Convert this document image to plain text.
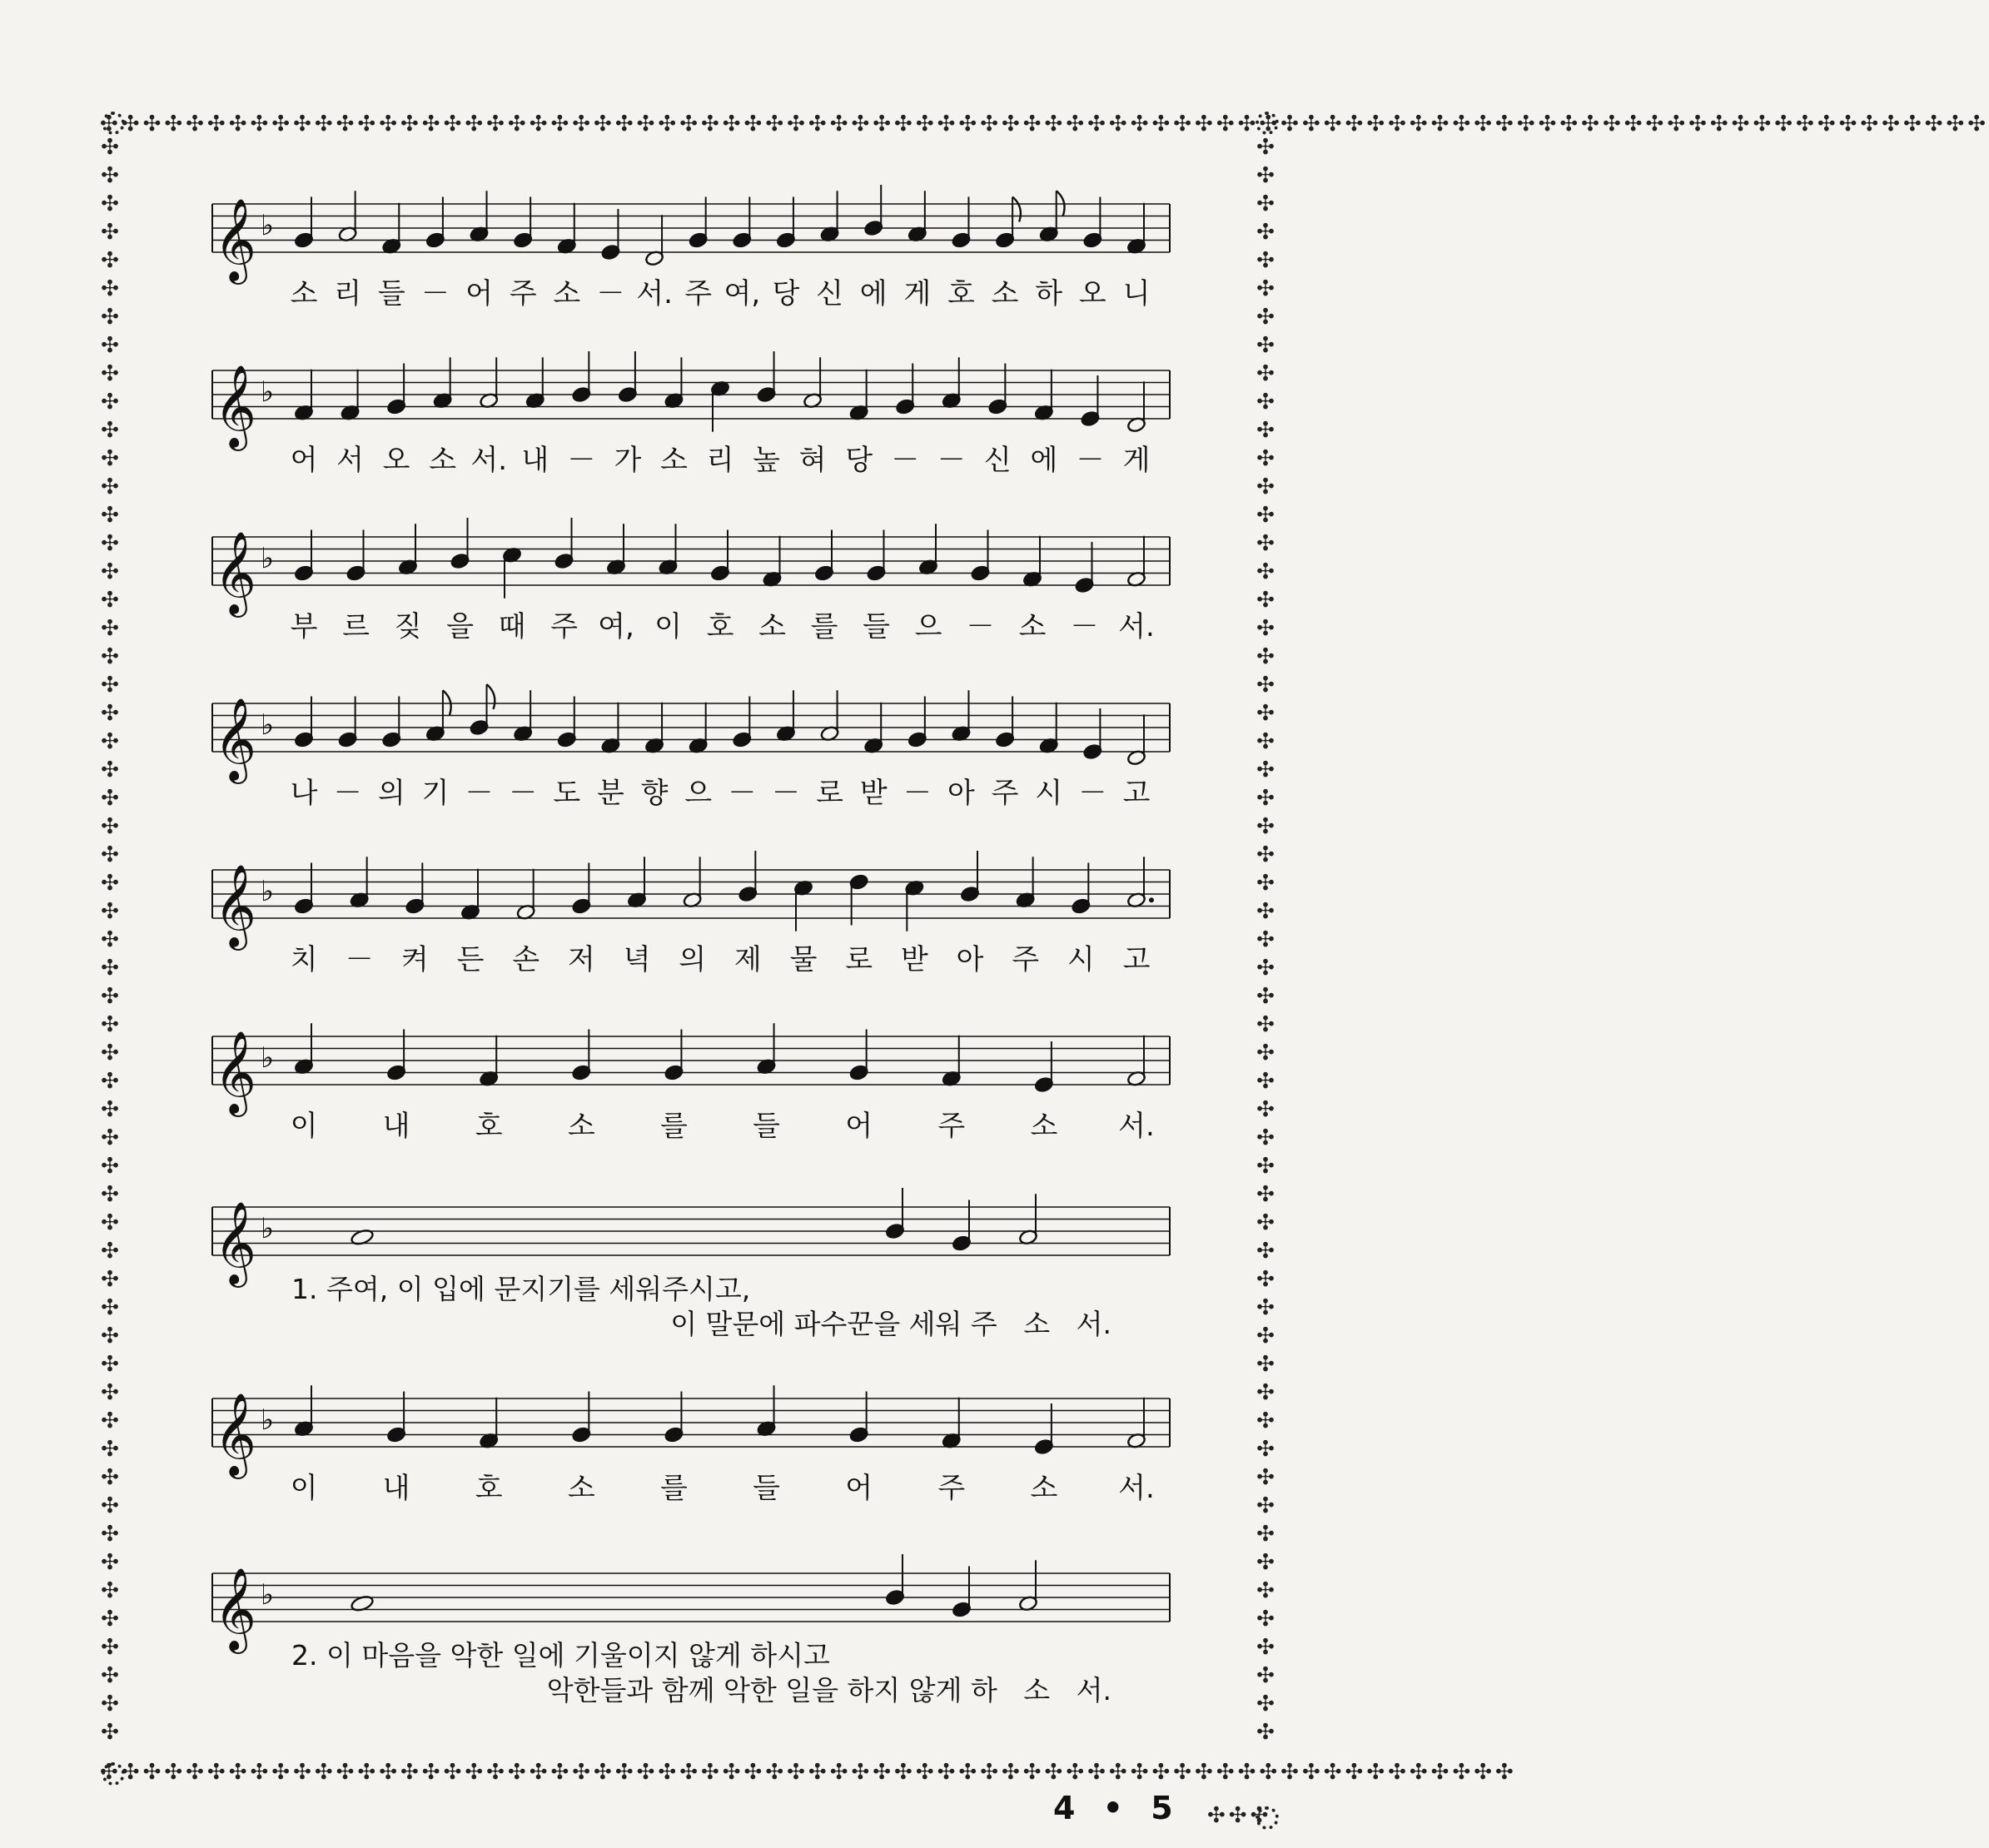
✣✣✣✣✣✣✣✣✣✣✣✣✣✣✣✣✣✣✣✣✣✣✣✣✣✣✣✣✣✣✣✣✣✣✣✣✣✣✣✣✣✣✣✣✣✣✣✣✣✣✣✣✣✣✣✣✣✣✣✣✣✣✣✣✣✣✣✣✣✣✣✣✣✣✣✣✣✣✣✣✣✣✣✣✣✣✣✣
✣✣✣✣✣✣✣✣✣✣✣✣✣✣✣✣✣✣✣✣✣✣✣✣✣✣✣✣✣✣✣✣✣✣✣✣✣✣✣✣✣✣✣✣✣✣✣✣✣✣✣✣✣✣✣✣✣✣✣✣✣✣✣✣✣✣
✣✣✣
✣✣✣✣✣✣✣✣✣✣✣✣✣✣✣✣✣✣✣✣✣✣✣✣✣✣✣✣✣✣✣✣✣✣✣✣✣✣✣✣✣✣✣✣✣✣✣✣✣✣✣✣✣✣✣✣✣
✣✣✣✣✣✣✣✣✣✣✣✣✣✣✣✣✣✣✣✣✣✣✣✣✣✣✣✣✣✣✣✣✣✣✣✣✣✣✣✣✣✣✣✣✣✣✣✣✣✣✣✣✣✣✣✣✣
𝄞 ♭
소 리 들 － 어 주 소 － 서. 주 여, 당 신 에 게 호 소 하 오 니
𝄞 ♭
어 서 오 소 서. 내 － 가 소 리 높 혀 당 － － 신 에 － 게
𝄞 ♭
부 르 짖 을 때 주 여, 이 호 소 를 들 으 － 소 － 서.
𝄞 ♭
나 － 의 기 － － 도 분 향 으 － － 로 받 － 아 주 시 － 고
𝄞 ♭
치 － 켜 든 손 저 녁 의 제 물 로 받 아 주 시 고
𝄞 ♭
이 내 호 소 를 들 어 주 소 서.
𝄞 ♭
1. 주여, 이 입에 문지기를 세워주시고,
이 말문에 파수꾼을 세워 주   소   서.
𝄞 ♭
이 내 호 소 를 들 어 주 소 서.
𝄞 ♭
2. 이 마음을 악한 일에 기울이지 않게 하시고
악한들과 함께 악한 일을 하지 않게 하   소   서.
4 • 5
